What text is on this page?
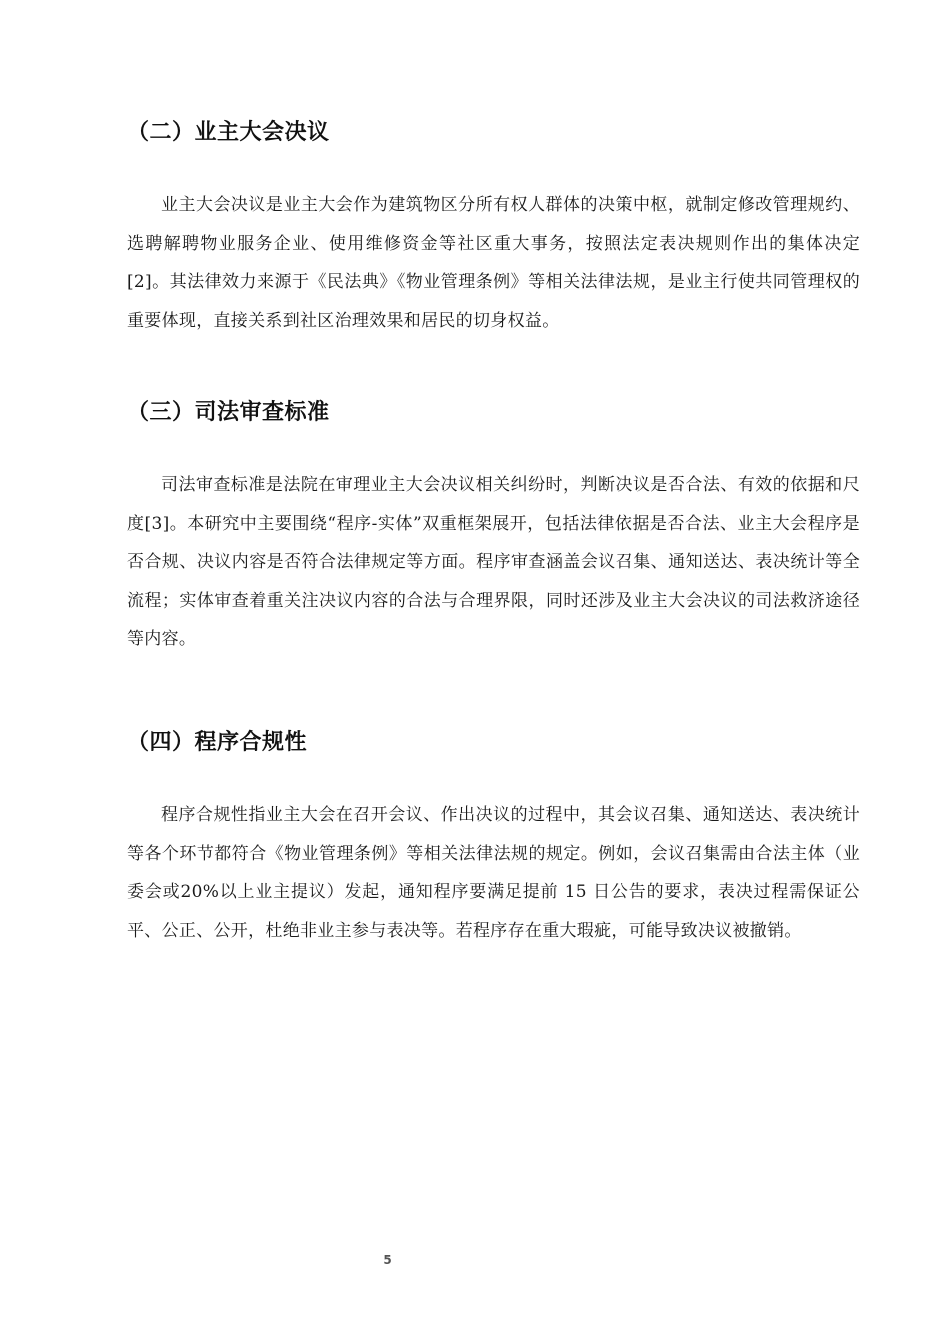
（二）业主大会决议

业主大会决议是业主大会作为建筑物区分所有权人群体的决策中枢，就制定修改管理规约、选聘解聘物业服务企业、使用维修资金等社区重大事务，按照法定表决规则作出的集体决定[2]。其法律效力来源于《民法典》《物业管理条例》等相关法律法规，是业主行使共同管理权的重要体现，直接关系到社区治理效果和居民的切身权益。

（三）司法审查标准

司法审查标准是法院在审理业主大会决议相关纠纷时，判断决议是否合法、有效的依据和尺度[3]。本研究中主要围绕“程序-实体”双重框架展开，包括法律依据是否合法、业主大会程序是否合规、决议内容是否符合法律规定等方面。程序审查涵盖会议召集、通知送达、表决统计等全流程；实体审查着重关注决议内容的合法与合理界限，同时还涉及业主大会决议的司法救济途径等内容。

（四）程序合规性

程序合规性指业主大会在召开会议、作出决议的过程中，其会议召集、通知送达、表决统计等各个环节都符合《物业管理条例》等相关法律法规的规定。例如，会议召集需由合法主体（业委会或20%以上业主提议）发起，通知程序要满足提前 15 日公告的要求，表决过程需保证公平、公正、公开，杜绝非业主参与表决等。若程序存在重大瑕疵，可能导致决议被撤销。

5
